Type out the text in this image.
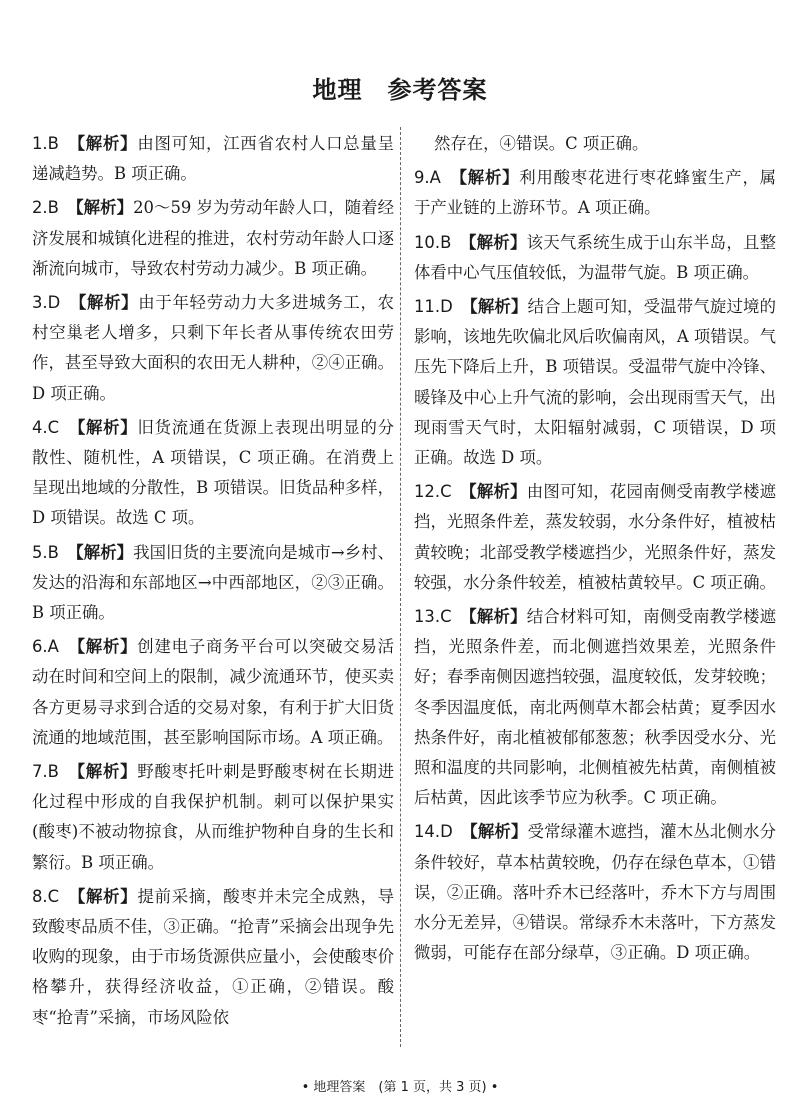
地理　参考答案
1.B　 【解析】由图可知，江西省农村人口总量呈递减趋势。B 项正确。
2.B　 【解析】20～59 岁为劳动年龄人口，随着经济发展和城镇化进程的推进，农村劳动年龄人口逐渐流向城市，导致农村劳动力减少。B 项正确。
3.D　 【解析】由于年轻劳动力大多进城务工，农村空巢老人增多，只剩下年长者从事传统农田劳作，甚至导致大面积的农田无人耕种，②④正确。D 项正确。
4.C　 【解析】旧货流通在货源上表现出明显的分散性、随机性，A 项错误，C 项正确。在消费上呈现出地域的分散性，B 项错误。旧货品种多样，D 项错误。故选 C 项。
5.B　 【解析】我国旧货的主要流向是城市→乡村、发达的沿海和东部地区→中西部地区，②③正确。B 项正确。
6.A　 【解析】创建电子商务平台可以突破交易活动在时间和空间上的限制，减少流通环节，使买卖各方更易寻求到合适的交易对象，有利于扩大旧货流通的地域范围，甚至影响国际市场。A 项正确。
7.B　 【解析】野酸枣托叶刺是野酸枣树在长期进化过程中形成的自我保护机制。刺可以保护果实(酸枣)不被动物掠食，从而维护物种自身的生长和繁衍。B 项正确。
8.C　 【解析】提前采摘，酸枣并未完全成熟，导致酸枣品质不佳，③正确。“抢青”采摘会出现争先收购的现象，由于市场货源供应量小，会使酸枣价格攀升，获得经济收益，①正确，②错误。酸枣“抢青”采摘，市场风险依
然存在，④错误。C 项正确。
9.A　 【解析】利用酸枣花进行枣花蜂蜜生产，属于产业链的上游环节。A 项正确。
10.B　 【解析】该天气系统生成于山东半岛，且整体看中心气压值较低，为温带气旋。B 项正确。
11.D　 【解析】结合上题可知，受温带气旋过境的影响，该地先吹偏北风后吹偏南风，A 项错误。气压先下降后上升，B 项错误。受温带气旋中冷锋、暖锋及中心上升气流的影响，会出现雨雪天气，出现雨雪天气时，太阳辐射减弱，C 项错误，D 项正确。故选 D 项。
12.C　 【解析】由图可知，花园南侧受南教学楼遮挡，光照条件差，蒸发较弱，水分条件好，植被枯黄较晚；北部受教学楼遮挡少，光照条件好，蒸发较强，水分条件较差，植被枯黄较早。C 项正确。
13.C　 【解析】结合材料可知，南侧受南教学楼遮挡，光照条件差，而北侧遮挡效果差，光照条件好；春季南侧因遮挡较强，温度较低，发芽较晚；冬季因温度低，南北两侧草木都会枯黄；夏季因水热条件好，南北植被郁郁葱葱；秋季因受水分、光照和温度的共同影响，北侧植被先枯黄，南侧植被后枯黄，因此该季节应为秋季。C 项正确。
14.D　 【解析】受常绿灌木遮挡，灌木丛北侧水分条件较好，草本枯黄较晚，仍存在绿色草本，①错误，②正确。落叶乔木已经落叶，乔木下方与周围水分无差异，④错误。常绿乔木未落叶，下方蒸发微弱，可能存在部分绿草，③正确。D 项正确。
• 地理答案　(第 1 页，共 3 页) •
